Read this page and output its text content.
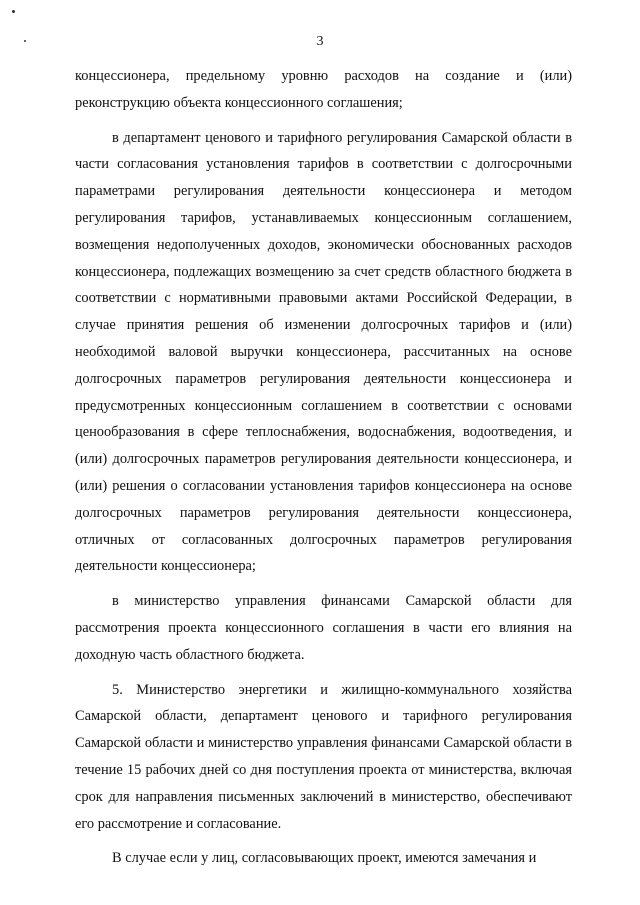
3

концессионера, предельному уровню расходов на создание и (или) реконструкцию объекта концессионного соглашения;

в департамент ценового и тарифного регулирования Самарской области в части согласования установления тарифов в соответствии с долгосрочными параметрами регулирования деятельности концессионера и методом регулирования тарифов, устанавливаемых концессионным соглашением, возмещения недополученных доходов, экономически обоснованных расходов концессионера, подлежащих возмещению за счет средств областного бюджета в соответствии с нормативными правовыми актами Российской Федерации, в случае принятия решения об изменении долгосрочных тарифов и (или) необходимой валовой выручки концессионера, рассчитанных на основе долгосрочных параметров регулирования деятельности концессионера и предусмотренных концессионным соглашением в соответствии с основами ценообразования в сфере теплоснабжения, водоснабжения, водоотведения, и (или) долгосрочных параметров регулирования деятельности концессионера, и (или) решения о согласовании установления тарифов концессионера на основе долгосрочных параметров регулирования деятельности концессионера, отличных от согласованных долгосрочных параметров регулирования деятельности концессионера;

в министерство управления финансами Самарской области для рассмотрения проекта концессионного соглашения в части его влияния на доходную часть областного бюджета.

5. Министерство энергетики и жилищно-коммунального хозяйства Самарской области, департамент ценового и тарифного регулирования Самарской области и министерство управления финансами Самарской области в течение 15 рабочих дней со дня поступления проекта от министерства, включая срок для направления письменных заключений в министерство, обеспечивают его рассмотрение и согласование.

В случае если у лиц, согласовывающих проект, имеются замечания и
